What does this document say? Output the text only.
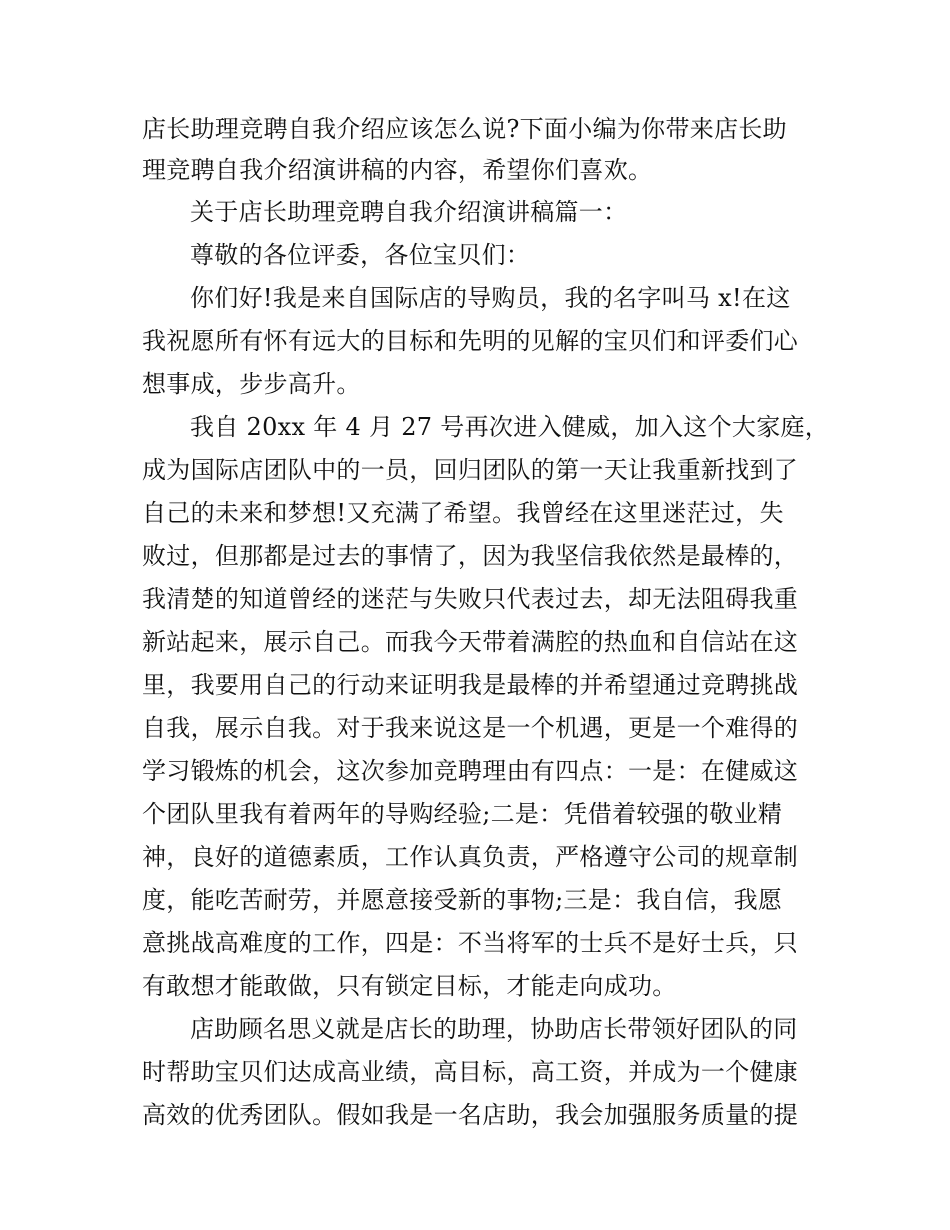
店长助理竞聘自我介绍应该怎么说?下面小编为你带来店长助
理竞聘自我介绍演讲稿的内容，希望你们喜欢。
关于店长助理竞聘自我介绍演讲稿篇一：
尊敬的各位评委，各位宝贝们：
你们好!我是来自国际店的导购员，我的名字叫马 x!在这
我祝愿所有怀有远大的目标和先明的见解的宝贝们和评委们心
想事成，步步高升。
我自 20xx 年 4 月 27 号再次进入健威，加入这个大家庭，
成为国际店团队中的一员，回归团队的第一天让我重新找到了
自己的未来和梦想!又充满了希望。我曾经在这里迷茫过，失
败过，但那都是过去的事情了，因为我坚信我依然是最棒的，
我清楚的知道曾经的迷茫与失败只代表过去，却无法阻碍我重
新站起来，展示自己。而我今天带着满腔的热血和自信站在这
里，我要用自己的行动来证明我是最棒的并希望通过竞聘挑战
自我，展示自我。对于我来说这是一个机遇，更是一个难得的
学习锻炼的机会，这次参加竞聘理由有四点：一是：在健威这
个团队里我有着两年的导购经验;二是：凭借着较强的敬业精
神，良好的道德素质，工作认真负责，严格遵守公司的规章制
度，能吃苦耐劳，并愿意接受新的事物;三是：我自信，我愿
意挑战高难度的工作，四是：不当将军的士兵不是好士兵，只
有敢想才能敢做，只有锁定目标，才能走向成功。
店助顾名思义就是店长的助理，协助店长带领好团队的同
时帮助宝贝们达成高业绩，高目标，高工资，并成为一个健康
高效的优秀团队。假如我是一名店助，我会加强服务质量的提
